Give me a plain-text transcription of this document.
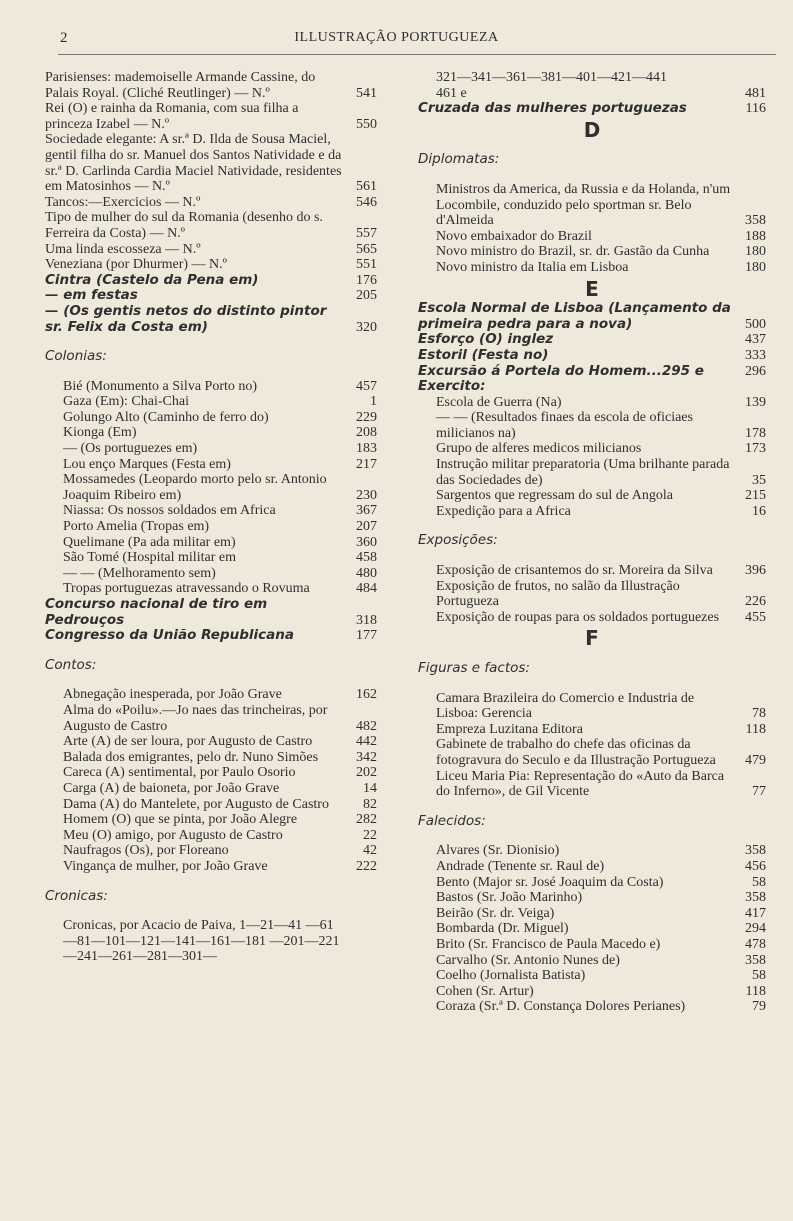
2	ILLUSTRAÇÃO PORTUGUEZA
Parisienses: mademoiselle Armande Cassine, do Palais Royal. (Cliché Reutlinger) — N.º	541
Rei (O) e rainha da Romania, com sua filha a princeza Izabel — N.º	550
Sociedade elegante: A sr.ª D. Ilda de Sousa Maciel, gentil filha do sr. Manuel dos Santos Natividade e da sr.ª D. Carlinda Cardia Maciel Natividade, residentes em Matosinhos — N.º	561
Tancos:—Exercicios — N.º	546
Tipo de mulher do sul da Romania (desenho do s. Ferreira da Costa) — N.º	557
Uma linda escosseza — N.º	565
Veneziana (por Dhurmer) — N.º	551
Cintra (Castelo da Pena em)	176
— em festas	205
— (Os gentis netos do distinto pintor sr. Felix da Costa em)	320
Colonias:
Bié (Monumento a Silva Porto no)	457
Gaza (Em): Chai-Chai	1
Golungo Alto (Caminho de ferro do)	229
Kionga (Em)	208
— (Os portuguezes em)	183
Lou enço Marques (Festa em)	217
Mossamedes (Leopardo morto pelo sr. Antonio Joaquim Ribeiro em)	230
Niassa: Os nossos soldados em Africa	367
Porto Amelia (Tropas em)	207
Quelimane (Pa ada militar em)	360
São Tomé (Hospital militar em	458
— — (Melhoramento sem)	480
Tropas portuguezas atravessando o Rovuma	484
Concurso nacional de tiro em Pedrouços	318
Congresso da União Republicana	177
Contos:
Abnegação inesperada, por João Grave	162
Alma do «Poilu».—Jo naes das trincheiras, por Augusto de Castro	482
Arte (A) de ser loura, por Augusto de Castro	442
Balada dos emigrantes, pelo dr. Nuno Simões	342
Careca (A) sentimental, por Paulo Osorio	202
Carga (A) de baioneta, por João Grave	14
Dama (A) do Mantelete, por Augusto de Castro	82
Homem (O) que se pinta, por João Alegre	282
Meu (O) amigo, por Augusto de Castro	22
Naufragos (Os), por Floreano	42
Vingança de mulher, por João Grave	222
Cronicas:
Cronicas, por Acacio de Paiva, 1—21—41 —61—81—101—121—141—161—181 —201—221—241—261—281—301—
321—341—361—381—401—421—441
461 e	481
Cruzada das mulheres portuguezas	116
D
Diplomatas:
Ministros da America, da Russia e da Holanda, n'um Locombile, conduzido pelo sportman sr. Belo d'Almeida	358
Novo embaixador do Brazil	188
Novo ministro do Brazil, sr. dr. Gastão da Cunha	180
Novo ministro da Italia em Lisboa	180
E
Escola Normal de Lisboa (Lançamento da primeira pedra para a nova)	500
Esforço (O) inglez	437
Estoril (Festa no)	333
Excursão á Portela do Homem...295 e	296
Exercito:
Escola de Guerra (Na)	139
— — (Resultados finaes da escola de oficiaes milicianos na)	178
Grupo de alferes medicos milicianos	173
Instrução militar preparatoria (Uma brilhante parada das Sociedades de)	35
Sargentos que regressam do sul de Angola	215
Expedição para a Africa	16
Exposições:
Exposição de crisantemos do sr. Moreira da Silva	396
Exposição de frutos, no salão da Illustração Portugueza	226
Exposição de roupas para os soldados portuguezes	455
F
Figuras e factos:
Camara Brazileira do Comercio e Industria de Lisboa: Gerencia	78
Empreza Luzitana Editora	118
Gabinete de trabalho do chefe das oficinas da fotogravura do Seculo e da Illustração Portugueza	479
Liceu Maria Pia: Representação do «Auto da Barca do Inferno», de Gil Vicente	77
Falecidos:
Alvares (Sr. Dionisio)	358
Andrade (Tenente sr. Raul de)	456
Bento (Major sr. José Joaquim da Costa)	58
Bastos (Sr. João Marinho)	358
Beirão (Sr. dr. Veiga)	417
Bombarda (Dr. Miguel)	294
Brito (Sr. Francisco de Paula Macedo e)	478
Carvalho (Sr. Antonio Nunes de)	358
Coelho (Jornalista Batista)	58
Cohen (Sr. Artur)	118
Coraza (Sr.ª D. Constança Dolores Perianes)	79
